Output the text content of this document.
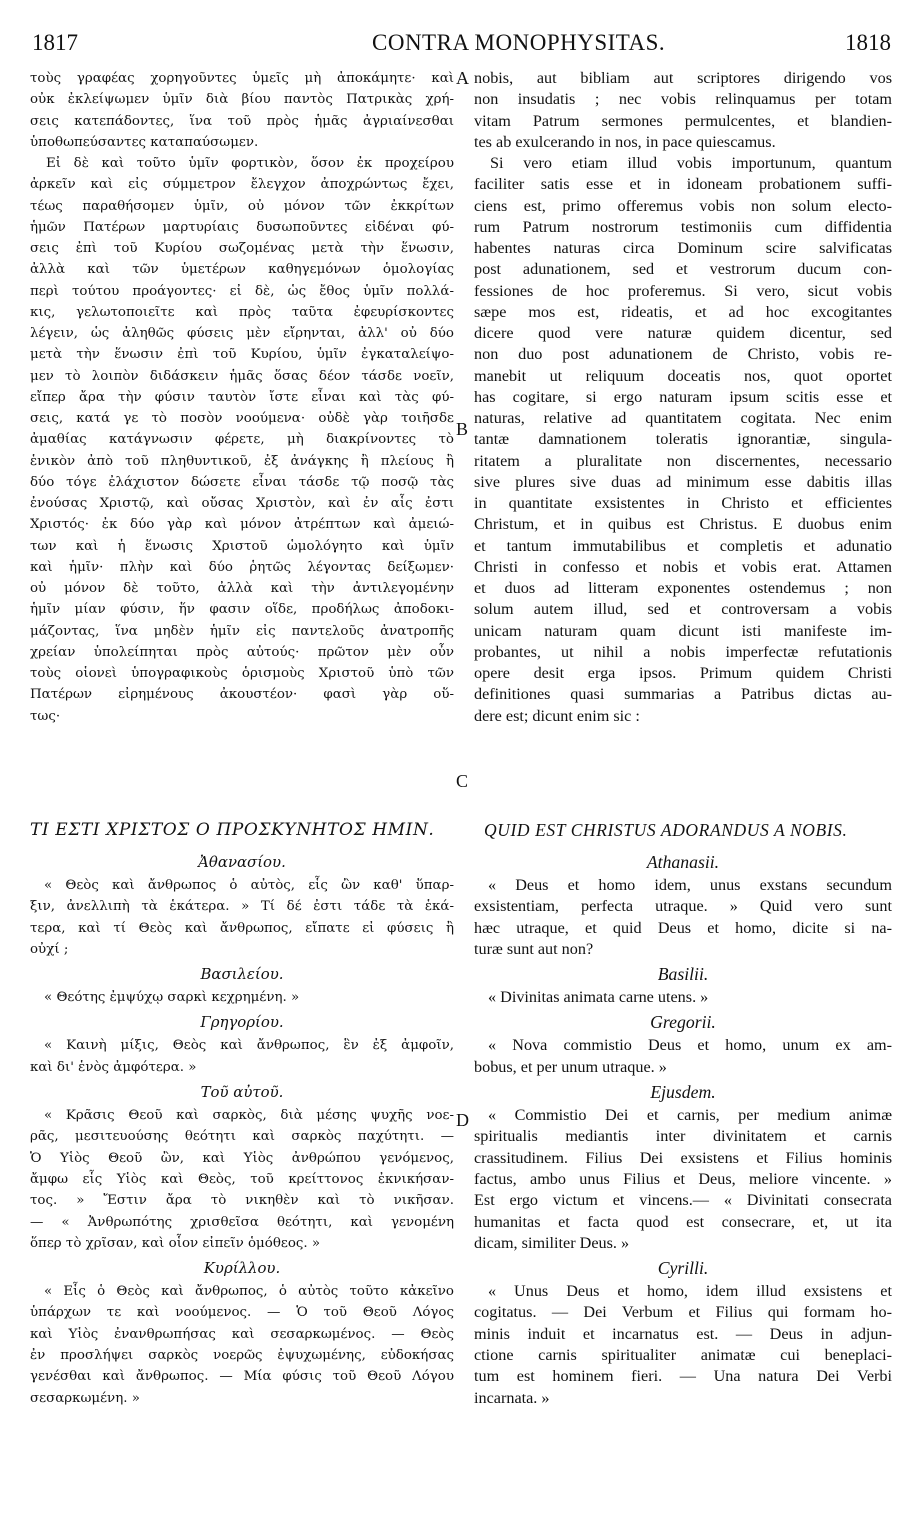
1817	CONTRA MONOPHYSITAS.	1818
τοὺς γραφέας χορηγοῦντες ὑμεῖς μὴ ἀποκάμητε· καὶ
οὐκ ἐκλείψωμεν ὑμῖν διὰ βίου παντὸς Πατρικὰς χρή-
σεις κατεπάδοντες, ἵνα τοῦ πρὸς ἡμᾶς ἀγριαίνεσθαι
ὑποθωπεύσαντες καταπαύσωμεν.
Εἰ δὲ καὶ τοῦτο ὑμῖν φορτικὸν, ὅσον ἐκ προχείρου
ἀρκεῖν καὶ εἰς σύμμετρον ἔλεγχον ἀποχρώντως ἔχει,
τέως παραθήσομεν ὑμῖν, οὐ μόνον τῶν ἐκκρίτων
ἡμῶν Πατέρων μαρτυρίαις δυσωποῦντες εἰδέναι φύ-
σεις ἐπὶ τοῦ Κυρίου σωζομένας μετὰ τὴν ἕνωσιν,
ἀλλὰ καὶ τῶν ὑμετέρων καθηγεμόνων ὁμολογίας
περὶ τούτου προάγοντες· εἰ δὲ, ὡς ἔθος ὑμῖν πολλά-
κις, γελωτοποιεῖτε καὶ πρὸς ταῦτα ἐφευρίσκοντες
λέγειν, ὡς ἀληθῶς φύσεις μὲν εἴρηνται, ἀλλ' οὐ δύο
μετὰ τὴν ἕνωσιν ἐπὶ τοῦ Κυρίου, ὑμῖν ἐγκαταλείψο-
μεν τὸ λοιπὸν διδάσκειν ἡμᾶς ὅσας δέον τάσδε νοεῖν,
εἴπερ ἄρα τὴν φύσιν ταυτὸν ἴστε εἶναι καὶ τὰς φύ-
σεις, κατά γε τὸ ποσὸν νοούμενα· οὐδὲ γὰρ τοιῆσδε
ἀμαθίας κατάγνωσιν φέρετε, μὴ διακρίνοντες τὸ
ἑνικὸν ἀπὸ τοῦ πληθυντικοῦ, ἐξ ἀνάγκης ἢ πλείους ἢ
δύο τόγε ἐλάχιστον δώσετε εἶναι τάσδε τῷ ποσῷ τὰς
ἐνούσας Χριστῷ, καὶ οὔσας Χριστὸν, καὶ ἐν αἷς ἐστι
Χριστός· ἐκ δύο γὰρ καὶ μόνον ἀτρέπτων καὶ ἀμειώ-
των καὶ ἡ ἕνωσις Χριστοῦ ὡμολόγητο καὶ ὑμῖν
καὶ ἡμῖν· πλὴν καὶ δύο ῥητῶς λέγοντας δείξωμεν·
οὐ μόνον δὲ τοῦτο, ἀλλὰ καὶ τὴν ἀντιλεγομένην
ἡμῖν μίαν φύσιν, ἥν φασιν οἵδε, προδήλως ἀποδοκι-
μάζοντας, ἵνα μηδὲν ἡμῖν εἰς παντελοῦς ἀνατροπῆς
χρείαν ὑπολείπηται πρὸς αὐτούς· πρῶτον μὲν οὖν
τοὺς οἱονεὶ ὑπογραφικοὺς ὁρισμοὺς Χριστοῦ ὑπὸ τῶν
Πατέρων εἰρημένους ἀκουστέον· φασὶ γὰρ οὕ-
τως·
nobis, aut bibliam aut scriptores dirigendo vos
non insudatis ; nec vobis relinquamus per totam
vitam Patrum sermones permulcentes, et blandien-
tes ab exulcerando in nos, in pace quiescamus.
Si vero etiam illud vobis importunum, quantum
faciliter satis esse et in idoneam probationem suffi-
ciens est, primo offeremus vobis non solum electo-
rum Patrum nostrorum testimoniis cum diffidentia
habentes naturas circa Dominum scire salvificatas
post adunationem, sed et vestrorum ducum con-
fessiones de hoc proferemus. Si vero, sicut vobis
sæpe mos est, rideatis, et ad hoc excogitantes
dicere quod vere naturæ quidem dicentur, sed
non duo post adunationem de Christo, vobis re-
manebit ut reliquum doceatis nos, quot oportet
has cogitare, si ergo naturam ipsum scitis esse et
naturas, relative ad quantitatem cogitata. Nec enim
tantæ damnationem toleratis ignorantiæ, singula-
ritatem a pluralitate non discernentes, necessario
sive plures sive duas ad minimum esse dabitis illas
in quantitate exsistentes in Christo et efficientes
Christum, et in quibus est Christus. E duobus enim
et tantum immutabilibus et completis et adunatio
Christi in confesso et nobis et vobis erat. Attamen
et duos ad litteram exponentes ostendemus ; non
solum autem illud, sed et controversam a vobis
unicam naturam quam dicunt isti manifeste im-
probantes, ut nihil a nobis imperfectæ refutationis
opere desit erga ipsos. Primum quidem Christi
definitiones quasi summarias a Patribus dictas au-
dere est; dicunt enim sic :
A
B
C
D
ΤΙ ΕΣΤΙ ΧΡΙΣΤΟΣ Ο ΠΡΟΣΚΥΝΗΤΟΣ ΗΜΙΝ.	QUID EST CHRISTUS ADORANDUS A NOBIS.
Ἀθανασίου.
« Θεὸς καὶ ἄνθρωπος ὁ αὐτὸς, εἷς ὢν καθ' ὕπαρ-
ξιν, ἀνελλιπὴ τὰ ἑκάτερα. » Τί δέ ἐστι τάδε τὰ ἑκά-
τερα, καὶ τί Θεὸς καὶ ἄνθρωπος, εἴπατε εἰ φύσεις ἢ
οὐχί ;
Βασιλείου.
« Θεότης ἐμψύχῳ σαρκὶ κεχρημένη. »
Γρηγορίου.
« Καινὴ μίξις, Θεὸς καὶ ἄνθρωπος, ἓν ἐξ ἀμφοῖν,
καὶ δι' ἑνὸς ἀμφότερα. »
Τοῦ αὐτοῦ.
« Κρᾶσις Θεοῦ καὶ σαρκὸς, διὰ μέσης ψυχῆς νοε-
ρᾶς, μεσιτευούσης θεότητι καὶ σαρκὸς παχύτητι. —
Ὁ Υἱὸς Θεοῦ ὢν, καὶ Υἱὸς ἀνθρώπου γενόμενος,
ἄμφω εἷς Υἱὸς καὶ Θεὸς, τοῦ κρείττονος ἐκνικήσαν-
τος. » Ἔστιν ἄρα τὸ νικηθὲν καὶ τὸ νικῆσαν.
— « Ἀνθρωπότης χρισθεῖσα θεότητι, καὶ γενομένη
ὅπερ τὸ χρῖσαν, καὶ οἷον εἰπεῖν ὁμόθεος. »
Κυρίλλου.
« Εἷς ὁ Θεὸς καὶ ἄνθρωπος, ὁ αὐτὸς τοῦτο κἀκεῖνο
ὑπάρχων τε καὶ νοούμενος. — Ὁ τοῦ Θεοῦ Λόγος
καὶ Υἱὸς ἐνανθρωπήσας καὶ σεσαρκωμένος. — Θεὸς
ἐν προσλήψει σαρκὸς νοερῶς ἐψυχωμένης, εὐδοκήσας
γενέσθαι καὶ ἄνθρωπος. — Μία φύσις τοῦ Θεοῦ Λόγου
σεσαρκωμένη. »
Athanasii.
« Deus et homo idem, unus exstans secundum
exsistentiam, perfecta utraque. » Quid vero sunt
hæc utraque, et quid Deus et homo, dicite si na-
turæ sunt aut non?
Basilii.
« Divinitas animata carne utens. »
Gregorii.
« Nova commistio Deus et homo, unum ex am-
bobus, et per unum utraque. »
Ejusdem.
« Commistio Dei et carnis, per medium animæ
spiritualis mediantis inter divinitatem et carnis
crassitudinem. Filius Dei exsistens et Filius hominis
factus, ambo unus Filius et Deus, meliore vincente. »
Est ergo victum et vincens.— « Divinitati consecrata
humanitas et facta quod est consecrare, et, ut ita
dicam, similiter Deus. »
Cyrilli.
« Unus Deus et homo, idem illud exsistens et
cogitatus. — Dei Verbum et Filius qui formam ho-
minis induit et incarnatus est. — Deus in adjun-
ctione carnis spiritualiter animatæ cui beneplaci-
tum est hominem fieri. — Una natura Dei Verbi
incarnata. »
